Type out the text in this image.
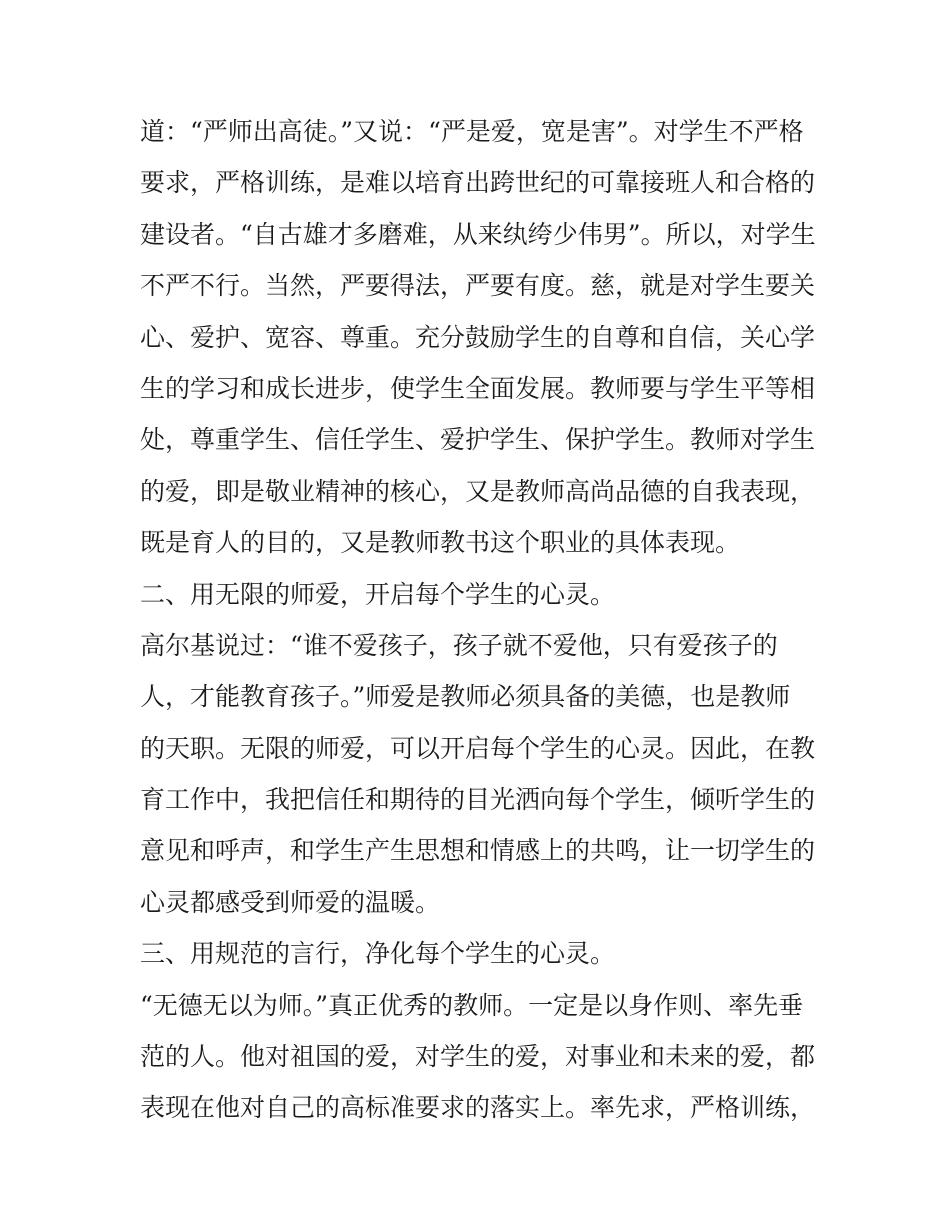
道：“严师出高徒。”又说：“严是爱，宽是害”。对学生不严格
要求，严格训练，是难以培育出跨世纪的可靠接班人和合格的
建设者。“自古雄才多磨难，从来纨绔少伟男”。所以，对学生
不严不行。当然，严要得法，严要有度。慈，就是对学生要关
心、爱护、宽容、尊重。充分鼓励学生的自尊和自信，关心学
生的学习和成长进步，使学生全面发展。教师要与学生平等相
处，尊重学生、信任学生、爱护学生、保护学生。教师对学生
的爱，即是敬业精神的核心，又是教师高尚品德的自我表现，
既是育人的目的，又是教师教书这个职业的具体表现。
二、用无限的师爱，开启每个学生的心灵。
高尔基说过：“谁不爱孩子，孩子就不爱他，只有爱孩子的
人，才能教育孩子。”师爱是教师必须具备的美德，也是教师
的天职。无限的师爱，可以开启每个学生的心灵。因此，在教
育工作中，我把信任和期待的目光洒向每个学生，倾听学生的
意见和呼声，和学生产生思想和情感上的共鸣，让一切学生的
心灵都感受到师爱的温暖。
三、用规范的言行，净化每个学生的心灵。
“无德无以为师。”真正优秀的教师。一定是以身作则、率先垂
范的人。他对祖国的爱，对学生的爱，对事业和未来的爱，都
表现在他对自己的高标准要求的落实上。率先求，严格训练，
